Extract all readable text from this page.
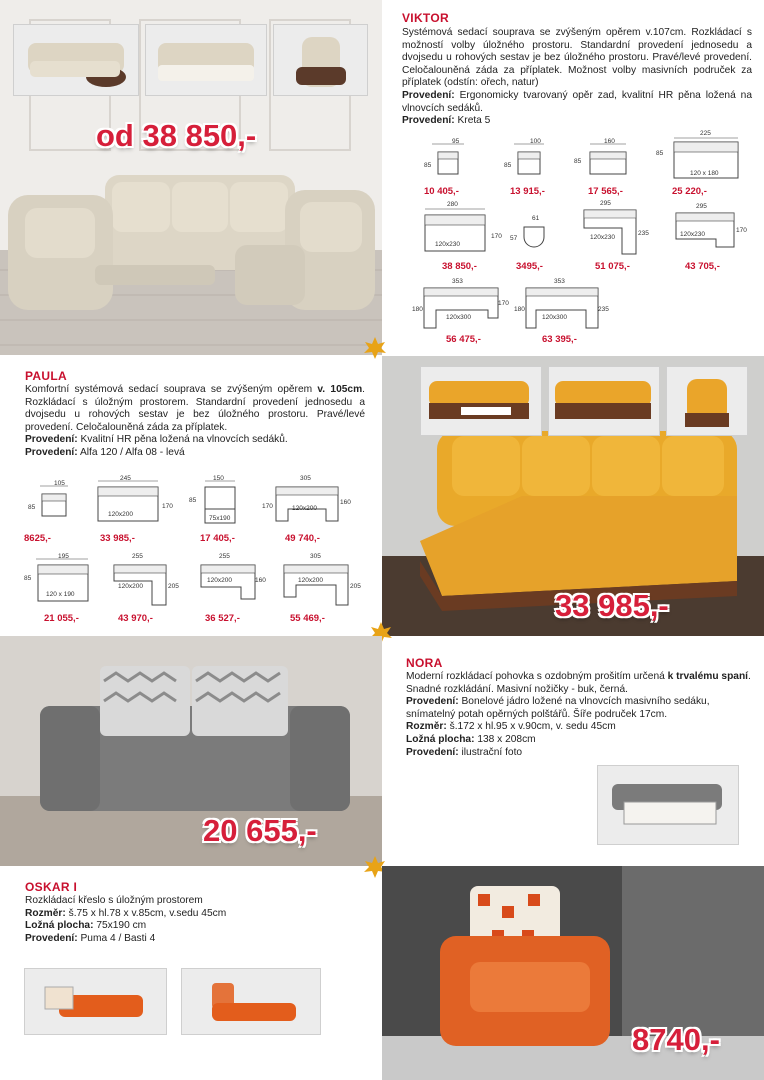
od 38 850,-
VIKTOR
Systémová sedací souprava se zvýšeným opěrem v.107cm. Rozkládací s možností volby úložného prostoru. Standardní provedení jednosedu a dvojsedu u rohových sestav je bez úložného prostoru. Pravé/levé provedení. Celočalouněná záda za příplatek. Možnost volby masivních područek za příplatek (odstín: ořech, natur)
Provedení: Ergonomicky tvarovaný opěr zad, kvalitní HR pěna ložená na vlnovcích sedáků.
Provedení: Kreta 5
95
85
10 405,-
100
85
13 915,-
160
85
17 565,-
225
85
120 x 180
25 220,-
280
170
120x230
38 850,-
61
57
3495,-
295
235
120x230
51 075,-
295
170
120x230
43 705,-
353
180
170
120x300
56 475,-
353
180	235
120x300
63 395,-
PAULA
Komfortní systémová sedací souprava se zvýšeným opěrem v. 105cm. Rozkládací s úložným prostorem. Standardní provedení jednosedu a dvojsedu u rohových sestav je bez úložného prostoru. Pravé/levé provedení. Celočalouněná záda za příplatek.
Provedení: Kvalitní HR pěna ložená na vlnovcích sedáků.
Provedení: Alfa 120 / Alfa 08 - levá
105
85
8625,-
245
170
120x200
33 985,-
150
85
75x190
17 405,-
305
170
160
120x200
49 740,-
195
85
120 x 190
21 055,-
255
205
120x200
43 970,-
255
160
120x200
36 527,-
305
205
120x200
55 469,-	33 985,-
20 655,-
NORA
Moderní rozkládací pohovka s ozdobným prošitím určená k trvalému spaní. Snadné rozkládání. Masivní nožičky - buk, černá.
Provedení: Bonelové jádro ložené na vlnovcích masivního sedáku, snímatelný potah opěrných polštářů. Šíře područek 17cm.
Rozměr: š.172 x hl.95 x v.90cm, v. sedu 45cm
Ložná plocha: 138 x 208cm
Provedení: ilustrační foto
OSKAR I
Rozkládací křeslo s úložným prostorem
Rozměr: š.75 x hl.78 x v.85cm, v.sedu 45cm
Ložná plocha: 75x190 cm
Provedení: Puma 4 / Basti 4
8740,-
